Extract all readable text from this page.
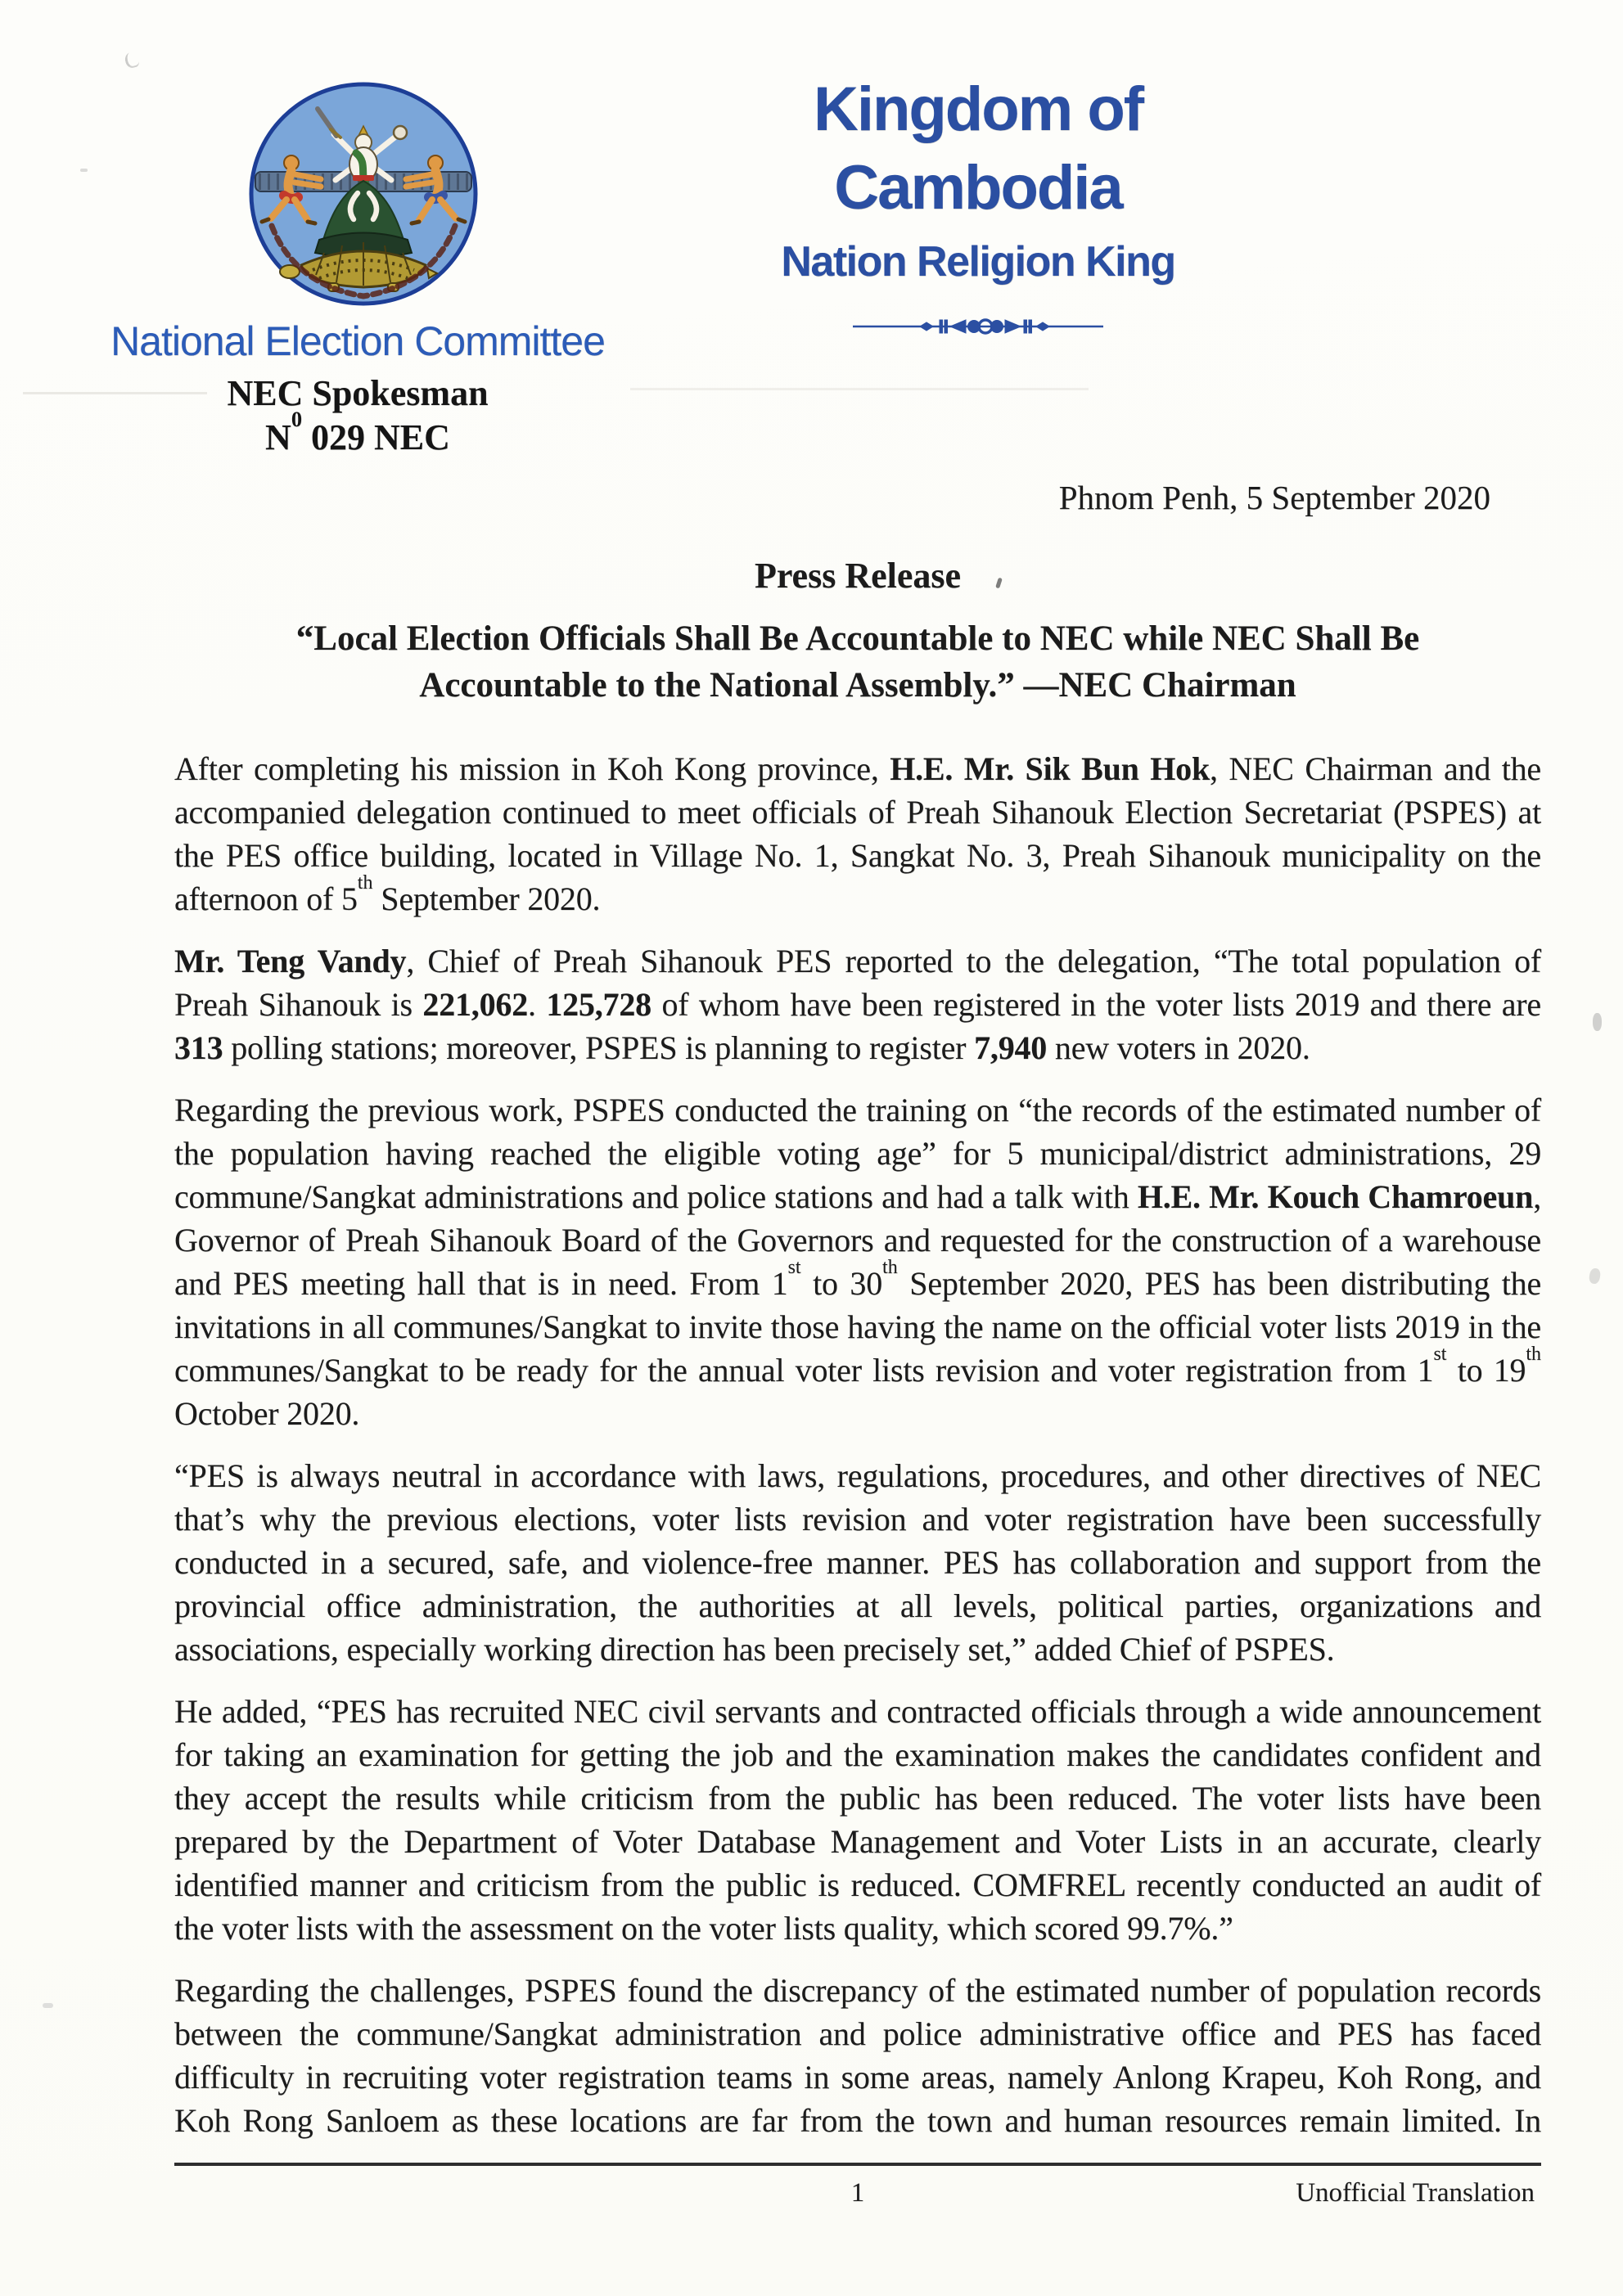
Kingdom of Cambodia
Nation Religion King
National Election Committee
NEC Spokesman
$N^0$ 029 NEC
Phnom Penh, 5 September 2020
Press Release
“Local Election Officials Shall Be Accountable to NEC while NEC Shall Be
Accountable to the National Assembly.” —NEC Chairman

After completing his mission in Koh Kong province, H.E. Mr. Sik Bun Hok, NEC Chairman and the accompanied delegation continued to meet officials of Preah Sihanouk Election Secretariat (PSPES) at the PES office building, located in Village No. 1, Sangkat No. 3, Preah Sihanouk municipality on the afternoon of 5th September 2020.

Mr. Teng Vandy, Chief of Preah Sihanouk PES reported to the delegation, “The total population of Preah Sihanouk is 221,062. 125,728 of whom have been registered in the voter lists 2019 and there are 313 polling stations; moreover, PSPES is planning to register 7,940 new voters in 2020.

Regarding the previous work, PSPES conducted the training on “the records of the estimated number of the population having reached the eligible voting age” for 5 municipal/district administrations, 29 commune/Sangkat administrations and police stations and had a talk with H.E. Mr. Kouch Chamroeun, Governor of Preah Sihanouk Board of the Governors and requested for the construction of a warehouse and PES meeting hall that is in need. From 1st to 30th September 2020, PES has been distributing the invitations in all communes/Sangkat to invite those having the name on the official voter lists 2019 in the communes/Sangkat to be ready for the annual voter lists revision and voter registration from 1st to 19th October 2020.

“PES is always neutral in accordance with laws, regulations, procedures, and other directives of NEC that’s why the previous elections, voter lists revision and voter registration have been successfully conducted in a secured, safe, and violence-free manner. PES has collaboration and support from the provincial office administration, the authorities at all levels, political parties, organizations and associations, especially working direction has been precisely set,” added Chief of PSPES.

He added, “PES has recruited NEC civil servants and contracted officials through a wide announcement for taking an examination for getting the job and the examination makes the candidates confident and they accept the results while criticism from the public has been reduced. The voter lists have been prepared by the Department of Voter Database Management and Voter Lists in an accurate, clearly identified manner and criticism from the public is reduced. COMFREL recently conducted an audit of the voter lists with the assessment on the voter lists quality, which scored 99.7%.”

Regarding the challenges, PSPES found the discrepancy of the estimated number of population records between the commune/Sangkat administration and police administrative office and PES has faced difficulty in recruiting voter registration teams in some areas, namely Anlong Krapeu, Koh Rong, and Koh Rong Sanloem as these locations are far from the town and human resources remain limited. In

1	Unofficial Translation
